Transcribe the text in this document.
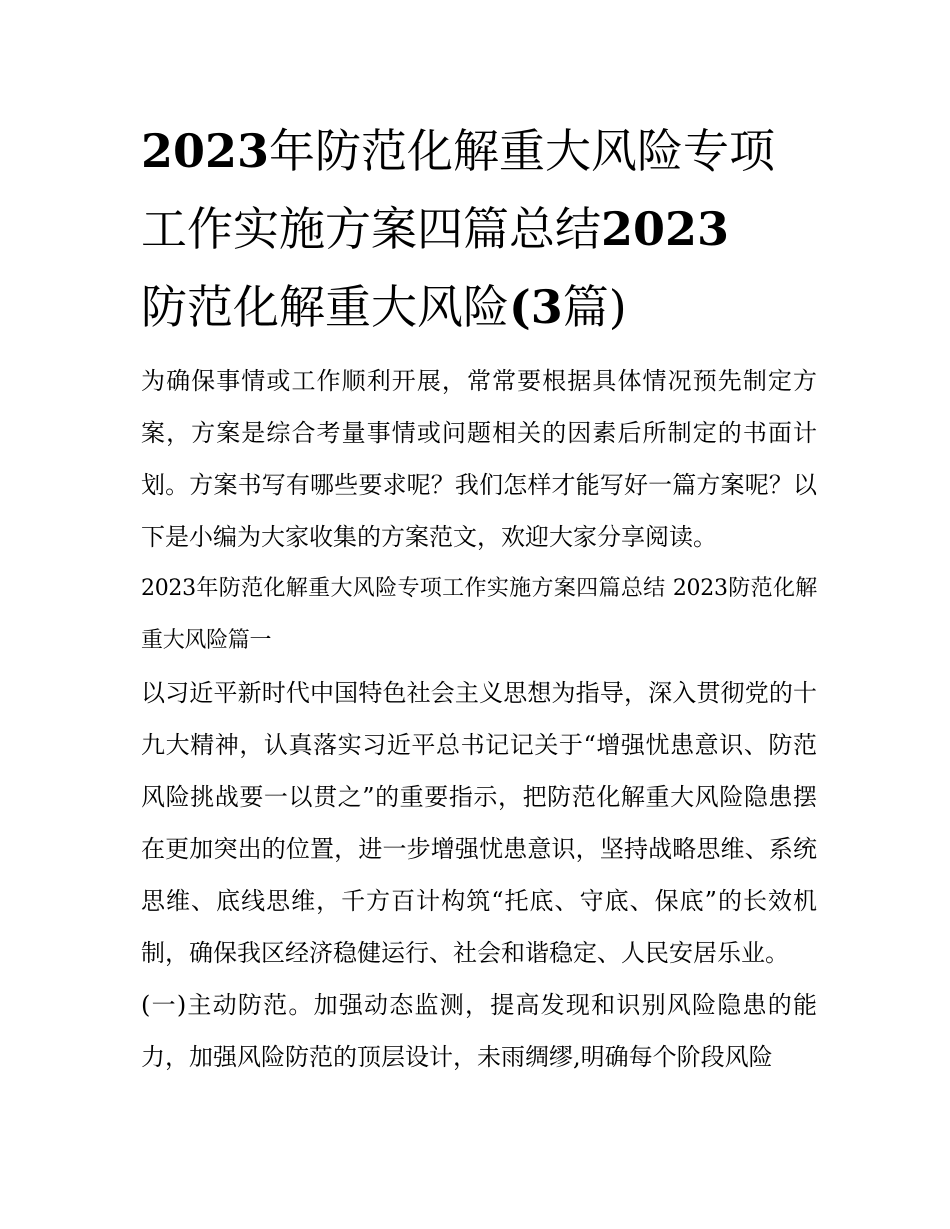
2023年防范化解重大风险专项工作实施方案四篇总结2023
防范化解重大风险(3篇)

为确保事情或工作顺利开展，常常要根据具体情况预先制定方案，方案是综合考量事情或问题相关的因素后所制定的书面计划。方案书写有哪些要求呢？我们怎样才能写好一篇方案呢？以下是小编为大家收集的方案范文，欢迎大家分享阅读。

2023年防范化解重大风险专项工作实施方案四篇总结 2023防范化解重大风险篇一

以习近平新时代中国特色社会主义思想为指导，深入贯彻党的十九大精神，认真落实习近平总书记记关于“增强忧患意识、防范风险挑战要一以贯之”的重要指示，把防范化解重大风险隐患摆在更加突出的位置，进一步增强忧患意识，坚持战略思维、系统思维、底线思维，千方百计构筑“托底、守底、保底”的长效机制，确保我区经济稳健运行、社会和谐稳定、人民安居乐业。

(一)主动防范。加强动态监测，提高发现和识别风险隐患的能力，加强风险防范的顶层设计，未雨绸缪,明确每个阶段风险
